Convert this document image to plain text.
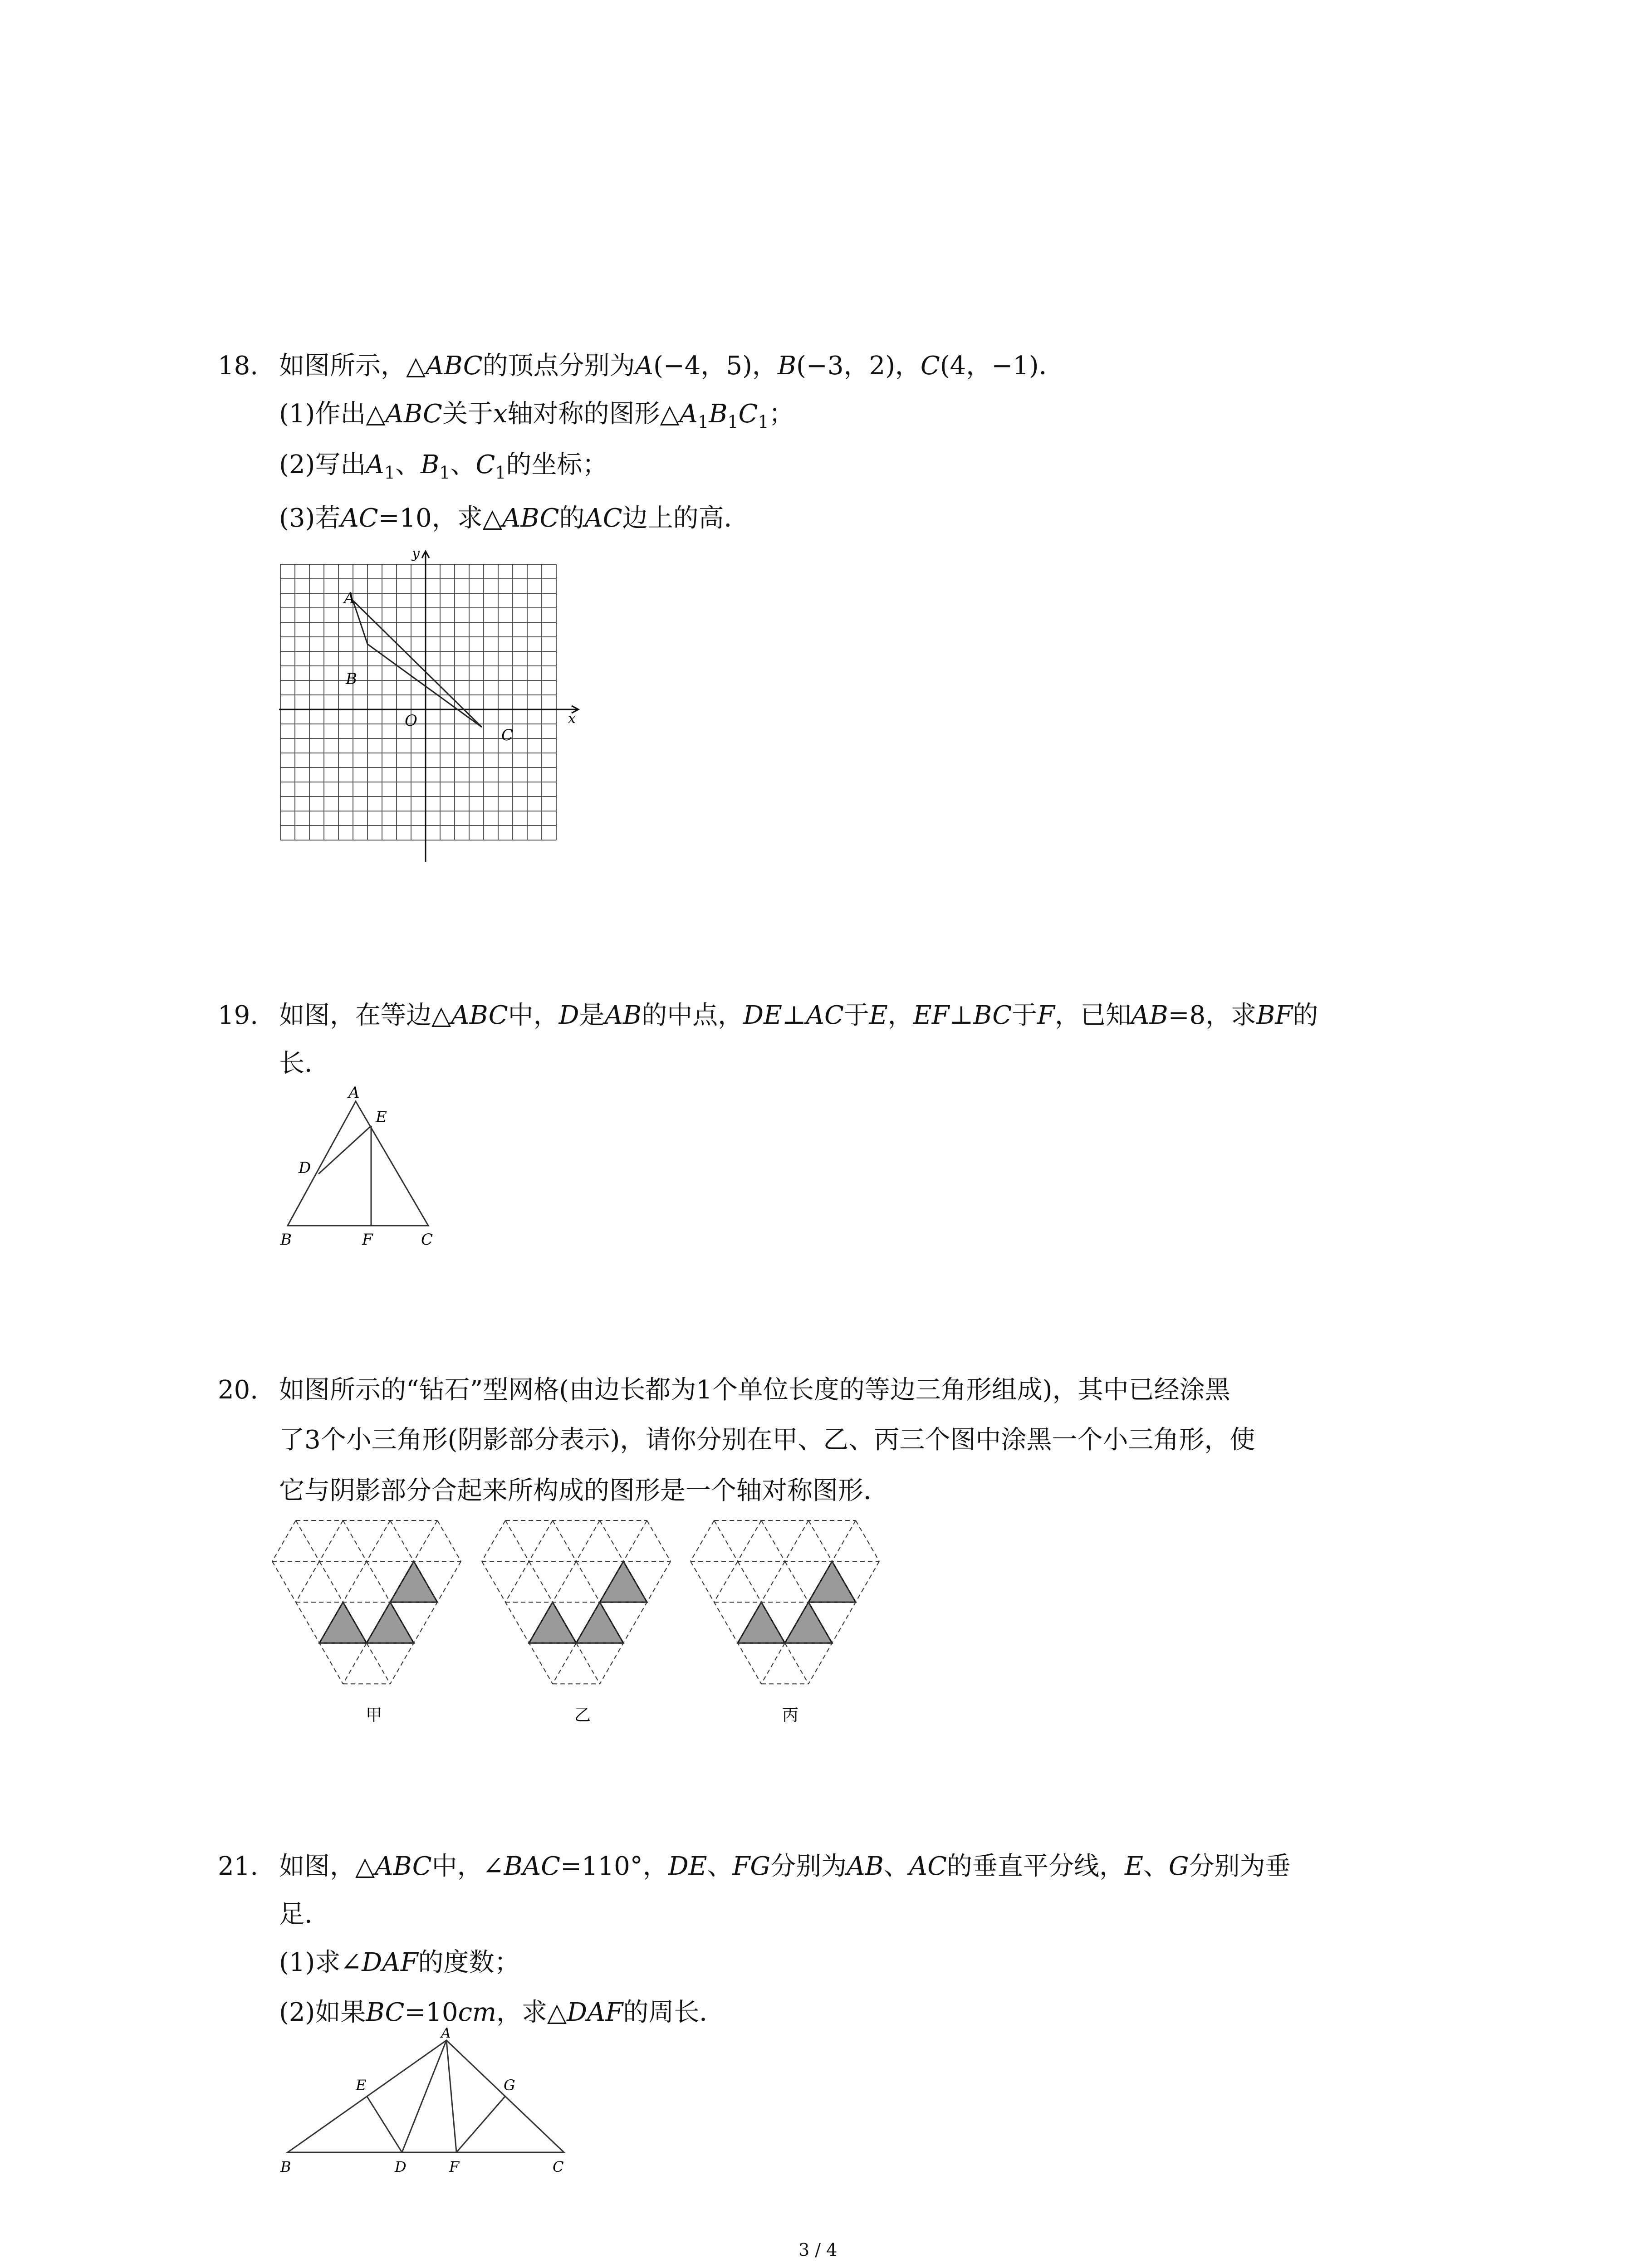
18. 如图所示，△ABC的顶点分别为A(−4，5)，B(−3，2)，C(4，−1)．
(1)作出△ABC关于x轴对称的图形$\triangle A_1B_1C_1$；
(2)写出$A_1$、$B_1$、$C_1$的坐标；
(3)若AC=10，求△ABC的AC边上的高．
A
B
C
O	x
y
19. 如图，在等边△ABC中，D是AB的中点，DE⊥AC于E，EF⊥BC于F，已知AB=8，求BF的
长．
A
B	C
D
E
F
20. 如图所示的“钻石”型网格(由边长都为1个单位长度的等边三角形组成)，其中已经涂黑
了3个小三角形(阴影部分表示)，请你分别在甲、乙、丙三个图中涂黑一个小三角形，使
它与阴影部分合起来所构成的图形是一个轴对称图形．
甲	乙	丙
21. 如图，△ABC中，∠BAC=110°，DE、FG分别为AB、AC的垂直平分线，E、G分别为垂
足．
(1)求∠DAF的度数；
(2)如果BC=10cm，求△DAF的周长．
A
B	C
D
E
F
G
3 / 4
